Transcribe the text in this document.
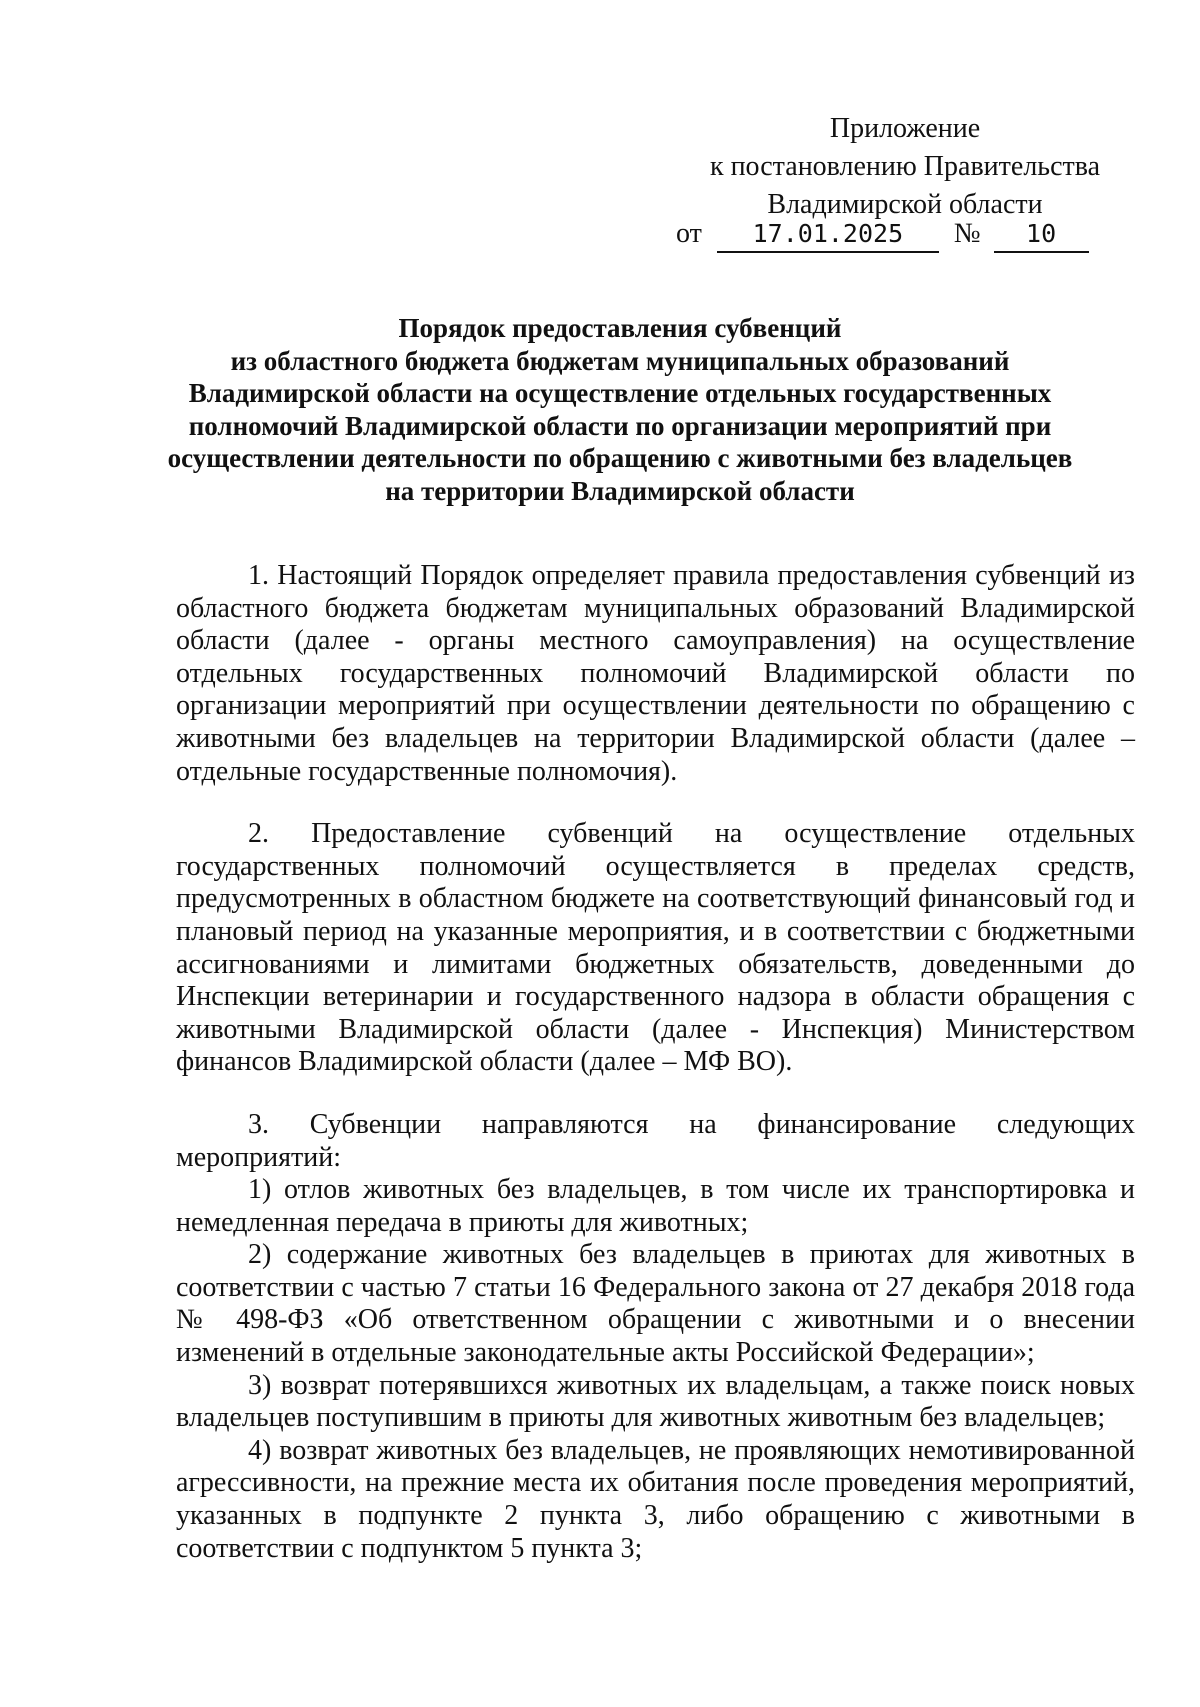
Приложение
к постановлению Правительства
Владимирской области
от 17.01.2025 № 10
Порядок предоставления субвенций
из областного бюджета бюджетам муниципальных образований
Владимирской области на осуществление отдельных государственных
полномочий Владимирской области по организации мероприятий при
осуществлении деятельности по обращению с животными без владельцев
на территории Владимирской области

1. Настоящий Порядок определяет правила предоставления субвенций из областного бюджета бюджетам муниципальных образований Владимирской области (далее - органы местного самоуправления) на осуществление отдельных государственных полномочий Владимирской области по организации мероприятий при осуществлении деятельности по обращению с животными без владельцев на территории Владимирской области (далее – отдельные государственные полномочия).

2. Предоставление субвенций на осуществление отдельных государственных полномочий осуществляется в пределах средств, предусмотренных в областном бюджете на соответствующий финансовый год и плановый период на указанные мероприятия, и в соответствии с бюджетными ассигнованиями и лимитами бюджетных обязательств, доведенными до Инспекции ветеринарии и государственного надзора в области обращения с животными Владимирской области (далее - Инспекция) Министерством финансов Владимирской области (далее – МФ ВО).

3. Субвенции направляются на финансирование следующих мероприятий:

1) отлов животных без владельцев, в том числе их транспортировка и немедленная передача в приюты для животных;

2) содержание животных без владельцев в приютах для животных в соответствии с частью 7 статьи 16 Федерального закона от 27 декабря 2018 года № 498-ФЗ «Об ответственном обращении с животными и о внесении изменений в отдельные законодательные акты Российской Федерации»;

3) возврат потерявшихся животных их владельцам, а также поиск новых владельцев поступившим в приюты для животных животным без владельцев;

4) возврат животных без владельцев, не проявляющих немотивированной агрессивности, на прежние места их обитания после проведения мероприятий, указанных в подпункте 2 пункта 3, либо обращению с животными в соответствии с подпунктом 5 пункта 3;
